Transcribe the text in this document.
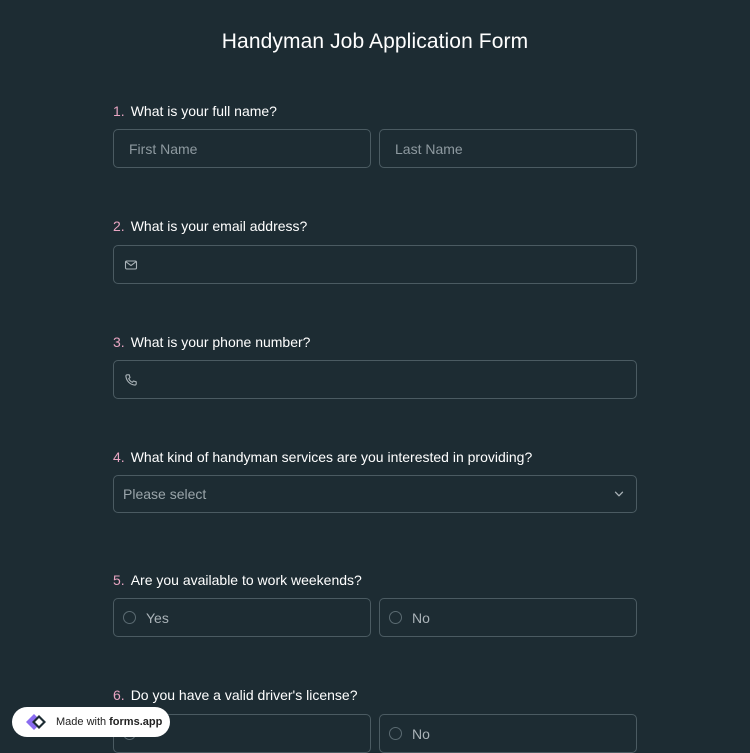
Handyman Job Application Form
1. What is your full name?
First Name	Last Name
2. What is your email address?
3. What is your phone number?
4. What kind of handyman services are you interested in providing?
Please select
5. Are you available to work weekends?
Yes	No
6. Do you have a valid driver's license?
No
Made with forms.app
